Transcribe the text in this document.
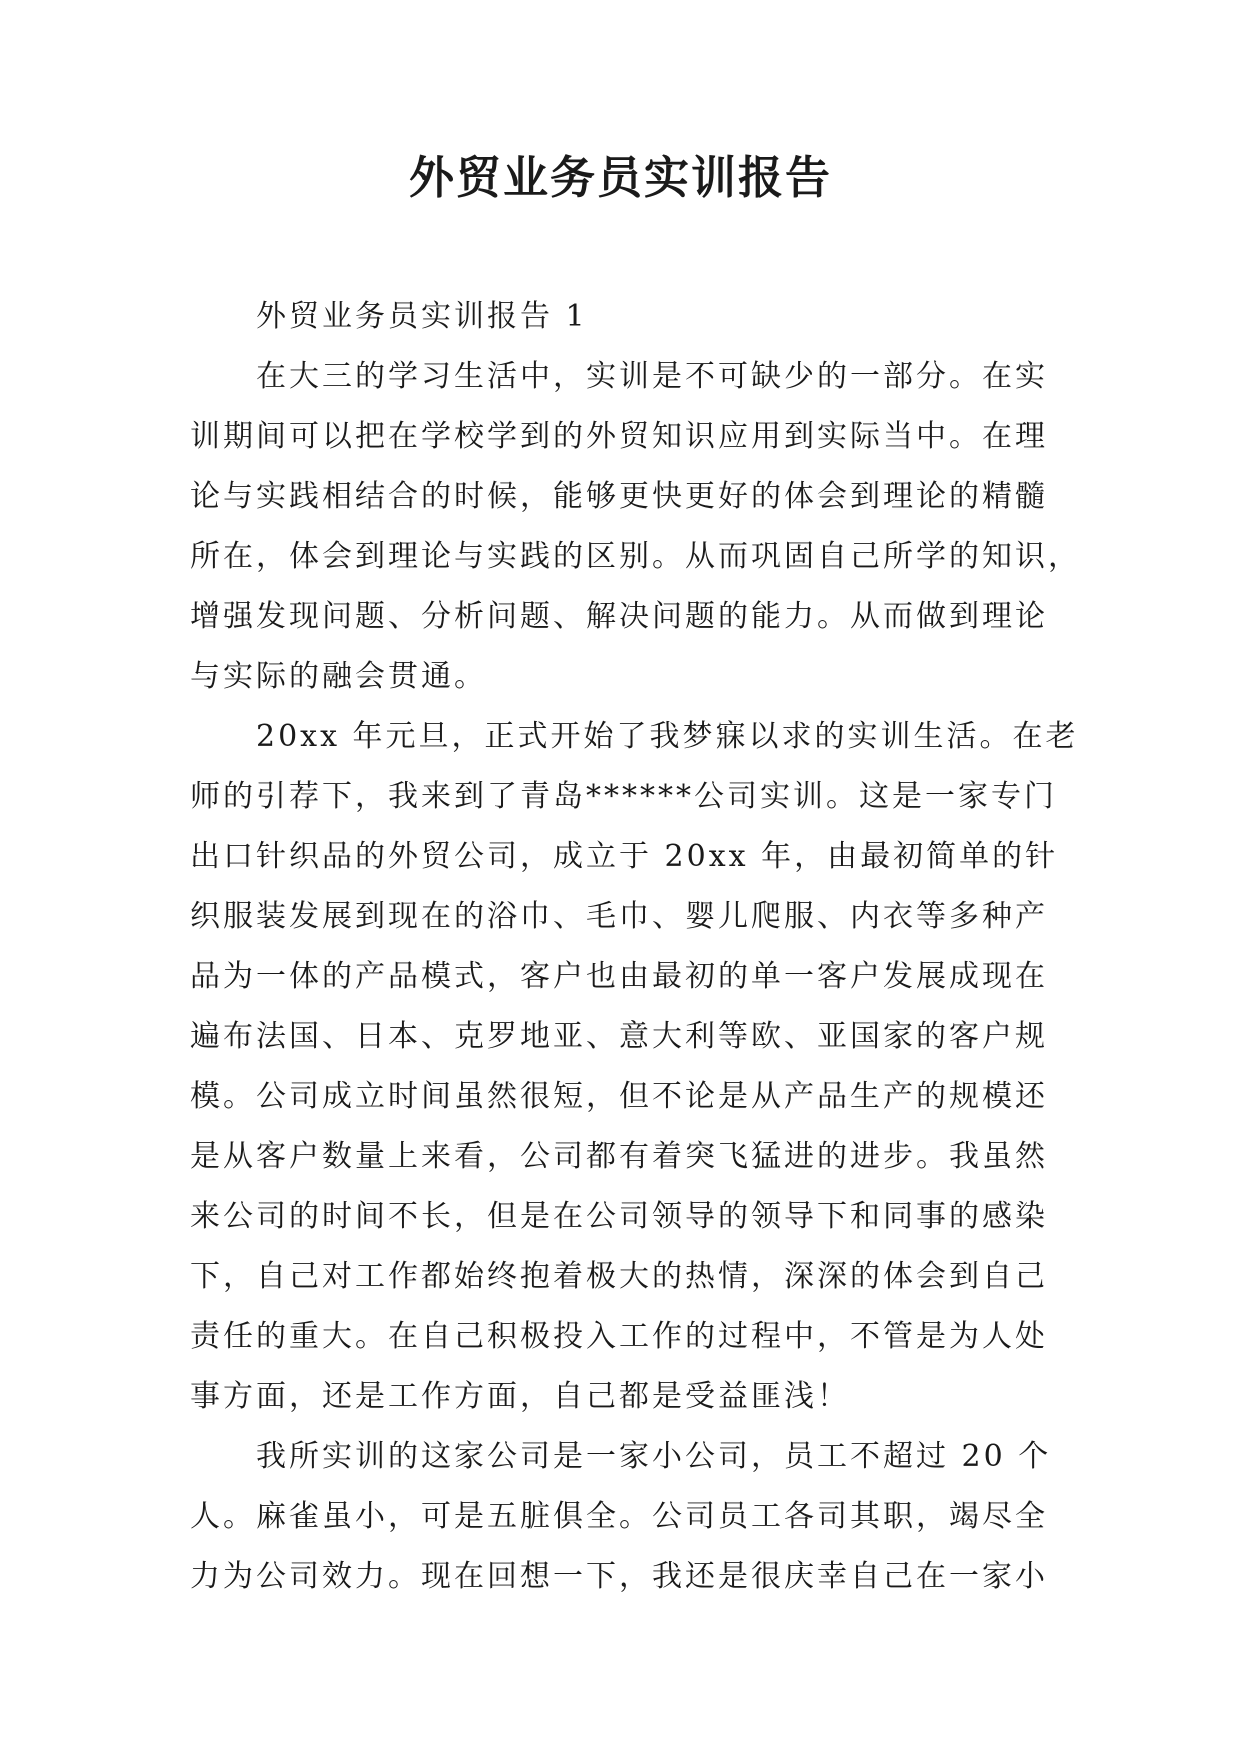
外贸业务员实训报告

外贸业务员实训报告 1

在大三的学习生活中，实训是不可缺少的一部分。在实
训期间可以把在学校学到的外贸知识应用到实际当中。在理
论与实践相结合的时候，能够更快更好的体会到理论的精髓
所在，体会到理论与实践的区别。从而巩固自己所学的知识，
增强发现问题、分析问题、解决问题的能力。从而做到理论
与实际的融会贯通。

20xx 年元旦，正式开始了我梦寐以求的实训生活。在老
师的引荐下，我来到了青岛******公司实训。这是一家专门
出口针织品的外贸公司，成立于 20xx 年，由最初简单的针
织服装发展到现在的浴巾、毛巾、婴儿爬服、内衣等多种产
品为一体的产品模式，客户也由最初的单一客户发展成现在
遍布法国、日本、克罗地亚、意大利等欧、亚国家的客户规
模。公司成立时间虽然很短，但不论是从产品生产的规模还
是从客户数量上来看，公司都有着突飞猛进的进步。我虽然
来公司的时间不长，但是在公司领导的领导下和同事的感染
下，自己对工作都始终抱着极大的热情，深深的体会到自己
责任的重大。在自己积极投入工作的过程中，不管是为人处
事方面，还是工作方面，自己都是受益匪浅！

我所实训的这家公司是一家小公司，员工不超过 20 个
人。麻雀虽小，可是五脏俱全。公司员工各司其职，竭尽全
力为公司效力。现在回想一下，我还是很庆幸自己在一家小
